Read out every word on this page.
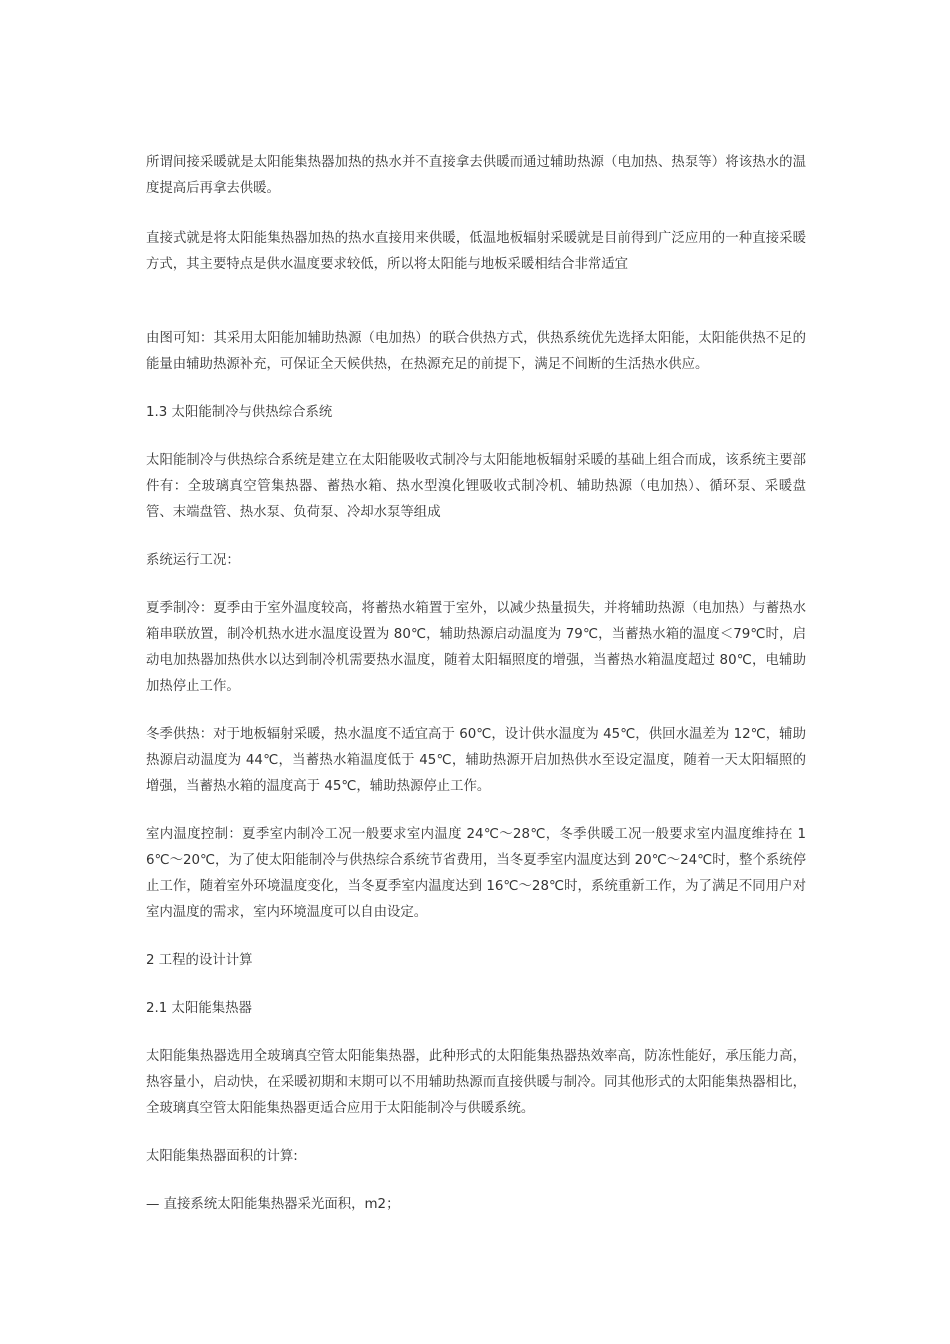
所谓间接采暖就是太阳能集热器加热的热水并不直接拿去供暖而通过辅助热源（电加热、热泵等）将该热水的温度提高后再拿去供暖。

直接式就是将太阳能集热器加热的热水直接用来供暖，低温地板辐射采暖就是目前得到广泛应用的一种直接采暖方式，其主要特点是供水温度要求较低，所以将太阳能与地板采暖相结合非常适宜

由图可知：其采用太阳能加辅助热源（电加热）的联合供热方式，供热系统优先选择太阳能，太阳能供热不足的能量由辅助热源补充，可保证全天候供热，在热源充足的前提下，满足不间断的生活热水供应。

1.3 太阳能制冷与供热综合系统

太阳能制冷与供热综合系统是建立在太阳能吸收式制冷与太阳能地板辐射采暖的基础上组合而成，该系统主要部件有：全玻璃真空管集热器、蓄热水箱、热水型溴化锂吸收式制冷机、辅助热源（电加热）、循环泵、采暖盘管、末端盘管、热水泵、负荷泵、冷却水泵等组成

系统运行工况：

夏季制冷：夏季由于室外温度较高，将蓄热水箱置于室外，以减少热量损失，并将辅助热源（电加热）与蓄热水箱串联放置，制冷机热水进水温度设置为 80℃，辅助热源启动温度为 79℃，当蓄热水箱的温度＜79℃时，启动电加热器加热供水以达到制冷机需要热水温度，随着太阳辐照度的增强，当蓄热水箱温度超过 80℃，电辅助加热停止工作。

冬季供热：对于地板辐射采暖，热水温度不适宜高于 60℃，设计供水温度为 45℃，供回水温差为 12℃，辅助热源启动温度为 44℃，当蓄热水箱温度低于 45℃，辅助热源开启加热供水至设定温度，随着一天太阳辐照的增强，当蓄热水箱的温度高于 45℃，辅助热源停止工作。

室内温度控制：夏季室内制冷工况一般要求室内温度 24℃～28℃，冬季供暖工况一般要求室内温度维持在 16℃～20℃，为了使太阳能制冷与供热综合系统节省费用，当冬夏季室内温度达到 20℃～24℃时，整个系统停止工作，随着室外环境温度变化，当冬夏季室内温度达到 16℃～28℃时，系统重新工作，为了满足不同用户对室内温度的需求，室内环境温度可以自由设定。

2 工程的设计计算

2.1 太阳能集热器

太阳能集热器选用全玻璃真空管太阳能集热器，此种形式的太阳能集热器热效率高，防冻性能好，承压能力高，热容量小，启动快，在采暖初期和末期可以不用辅助热源而直接供暖与制冷。同其他形式的太阳能集热器相比，全玻璃真空管太阳能集热器更适合应用于太阳能制冷与供暖系统。

太阳能集热器面积的计算:

— 直接系统太阳能集热器采光面积，m2；
